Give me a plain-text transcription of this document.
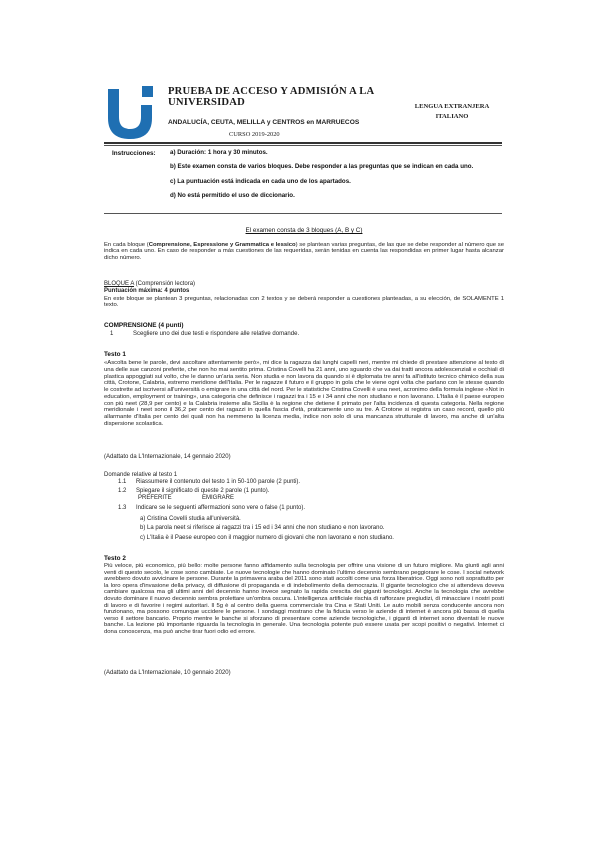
PRUEBA DE ACCESO Y ADMISIÓN A LA
UNIVERSIDAD
ANDALUCÍA, CEUTA, MELILLA y CENTROS en MARRUECOS
CURSO 2019-2020
LENGUA EXTRANJERA
ITALIANO
Instrucciones: a) Duración: 1 hora y 30 minutos.
b) Este examen consta de varios bloques. Debe responder a las preguntas que se indican en cada uno.
c) La puntuación está indicada en cada uno de los apartados.
d) No está permitido el uso de diccionario.
El examen consta de 3 bloques (A, B y C)
En cada bloque (Comprensione, Espressione y Grammatica e lessico) se plantean varias preguntas, de las que se debe responder al número que se indica en cada uno. En caso de responder a más cuestiones de las requeridas, serán tenidas en cuenta las respondidas en primer lugar hasta alcanzar dicho número.
BLOQUE A (Comprensión lectora)
Puntuación máxima: 4 puntos
En este bloque se plantean 3 preguntas, relacionadas con 2 textos y se deberá responder a cuestiones planteadas, a su elección, de SOLAMENTE 1 texto.
COMPRENSIONE (4 punti)
1	Scegliere uno dei due testi e rispondere alle relative domande.
Testo 1
«Ascolta bene le parole, devi ascoltare attentamente però», mi dice la ragazza dai lunghi capelli neri, mentre mi chiede di prestare attenzione al testo di una delle sue canzoni preferite, che non ho mai sentito prima. Cristina Covelli ha 21 anni, uno sguardo che va dai tratti ancora adolescenziali e occhiali di plastica appoggiati sul volto, che le danno un'aria seria. Non studia e non lavora da quando si è diplomata tre anni fa all'istituto tecnico chimico della sua città, Crotone, Calabria, estremo meridione dell'Italia. Per le ragazze il futuro e il gruppo in gola che le viene ogni volta che parlano con le stesse quando le costrette ad iscriversi all'università o emigrare in una città del nord. Per le statistiche Cristina Covelli è una neet, acronimo della formula inglese «Not in education, employment or training», una categoria che definisce i ragazzi tra i 15 e i 34 anni che non studiano e non lavorano. L'Italia è il paese europeo con più neet (28,9 per cento) e la Calabria insieme alla Sicilia è la regione che detiene il primato per l'alta incidenza di questa categoria. Nella regione meridionale i neet sono il 36,2 per cento dei ragazzi in quella fascia d'età, praticamente uno su tre. A Crotone si registra un caso record, quello più allarmante d'Italia per cento dei quali non ha nemmeno la licenza media, indice non solo di una mancanza strutturale di lavoro, ma anche di un'alta dispersione scolastica.
(Adattato da L'Internazionale, 14 gennaio 2020)
Domande relative al testo 1
1.1 Riassumere il contenuto del testo 1 in 50-100 parole (2 punti).
1.2 Spiegare il significato di queste 2 parole (1 punto).
PREFERITE	EMIGRARE
1.3 Indicare se le seguenti affermazioni sono vere o false (1 punto).
a) Cristina Covelli studia all'università.
b) La parola neet si riferisce ai ragazzi tra i 15 ed i 34 anni che non studiano e non lavorano.
c) L'Italia è il Paese europeo con il maggior numero di giovani che non lavorano e non studiano.
Testo 2
Più veloce, più economico, più bello: molte persone fanno affidamento sulla tecnologia per offrire una visione di un futuro migliore. Ma giunti agli anni venti di questo secolo, le cose sono cambiate. Le nuove tecnologie che hanno dominato l'ultimo decennio sembrano peggiorare le cose. I social network avrebbero dovuto avvicinare le persone. Durante la primavera araba del 2011 sono stati accolti come una forza liberatrice. Oggi sono noti soprattutto per la loro opera d'invasione della privacy, di diffusione di propaganda e di indebolimento della democrazia. Il gigante tecnologico che si attendeva doveva cambiare qualcosa ma gli ultimi anni del decennio hanno invece segnato la rapida crescita dei giganti tecnologici. Anche la tecnologia che avrebbe dovuto dominare il nuovo decennio sembra prolettare un'ombra oscura. L'intelligenza artificiale rischia di rafforzare pregiudizi, di minacciare i nostri posti di lavoro e di favorire i regimi autoritari. Il 5g è al centro della guerra commerciale tra Cina e Stati Uniti. Le auto mobili senza conducente ancora non funzionano, ma possono comunque uccidere le persone. I sondaggi mostrano che la fiducia verso le aziende di internet è ancora più bassa di quella verso il settore bancario. Proprio mentre le banche si sforzano di presentare come aziende tecnologiche, i giganti di internet sono diventati le nuove banche. La lezione più importante riguarda la tecnologia in generale. Una tecnologia potente può essere usata per scopi positivi o negativi. Internet ci dona conoscenza, ma può anche tirar fuori odio ed errore.
(Adattato da L'Internazionale, 10 gennaio 2020)
